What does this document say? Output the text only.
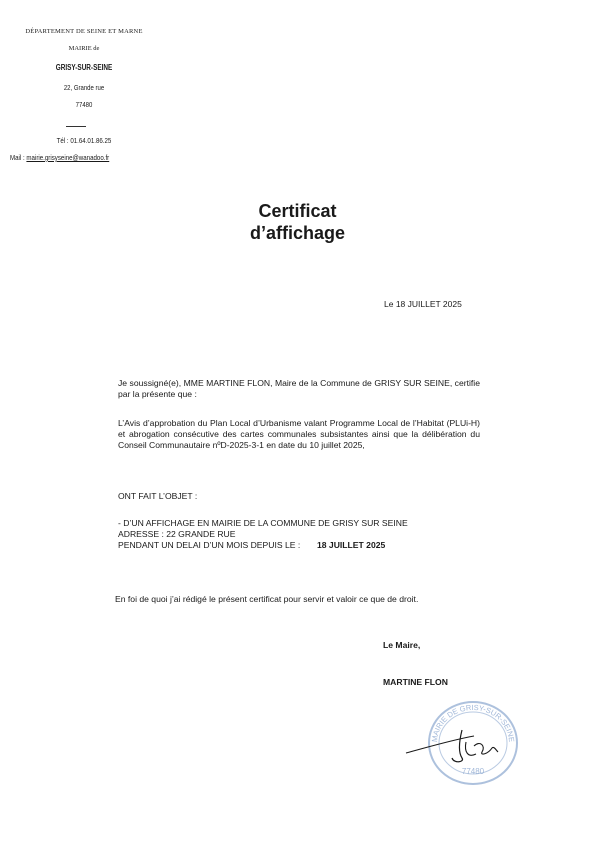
DÉPARTEMENT DE SEINE ET MARNE
MAIRIE de
GRISY-SUR-SEINE
22, Grande rue
77480
Tél : 01.64.01.86.25
Mail : mairie.grisyseine@wanadoo.fr
Certificat
d’affichage
Le 18 JUILLET 2025
Je soussigné(e), MME MARTINE FLON, Maire de la Commune de GRISY SUR SEINE, certifie par la présente que :
L’Avis d’approbation du Plan Local d’Urbanisme valant Programme Local de l’Habitat (PLUi-H) et abrogation consécutive des cartes communales subsistantes ainsi que la délibération du Conseil Communautaire nºD-2025-3-1 en date du 10 juillet 2025,
ONT FAIT L’OBJET :
- D’UN AFFICHAGE EN MAIRIE DE LA COMMUNE DE GRISY SUR SEINE
ADRESSE : 22 GRANDE RUE
PENDANT UN DELAI D’UN MOIS DEPUIS LE : 18 JUILLET 2025
En foi de quoi j’ai rédigé le présent certificat pour servir et valoir ce que de droit.
Le Maire,
MARTINE FLON
MAIRIE DE GRISY-SUR-SEINE
77480
